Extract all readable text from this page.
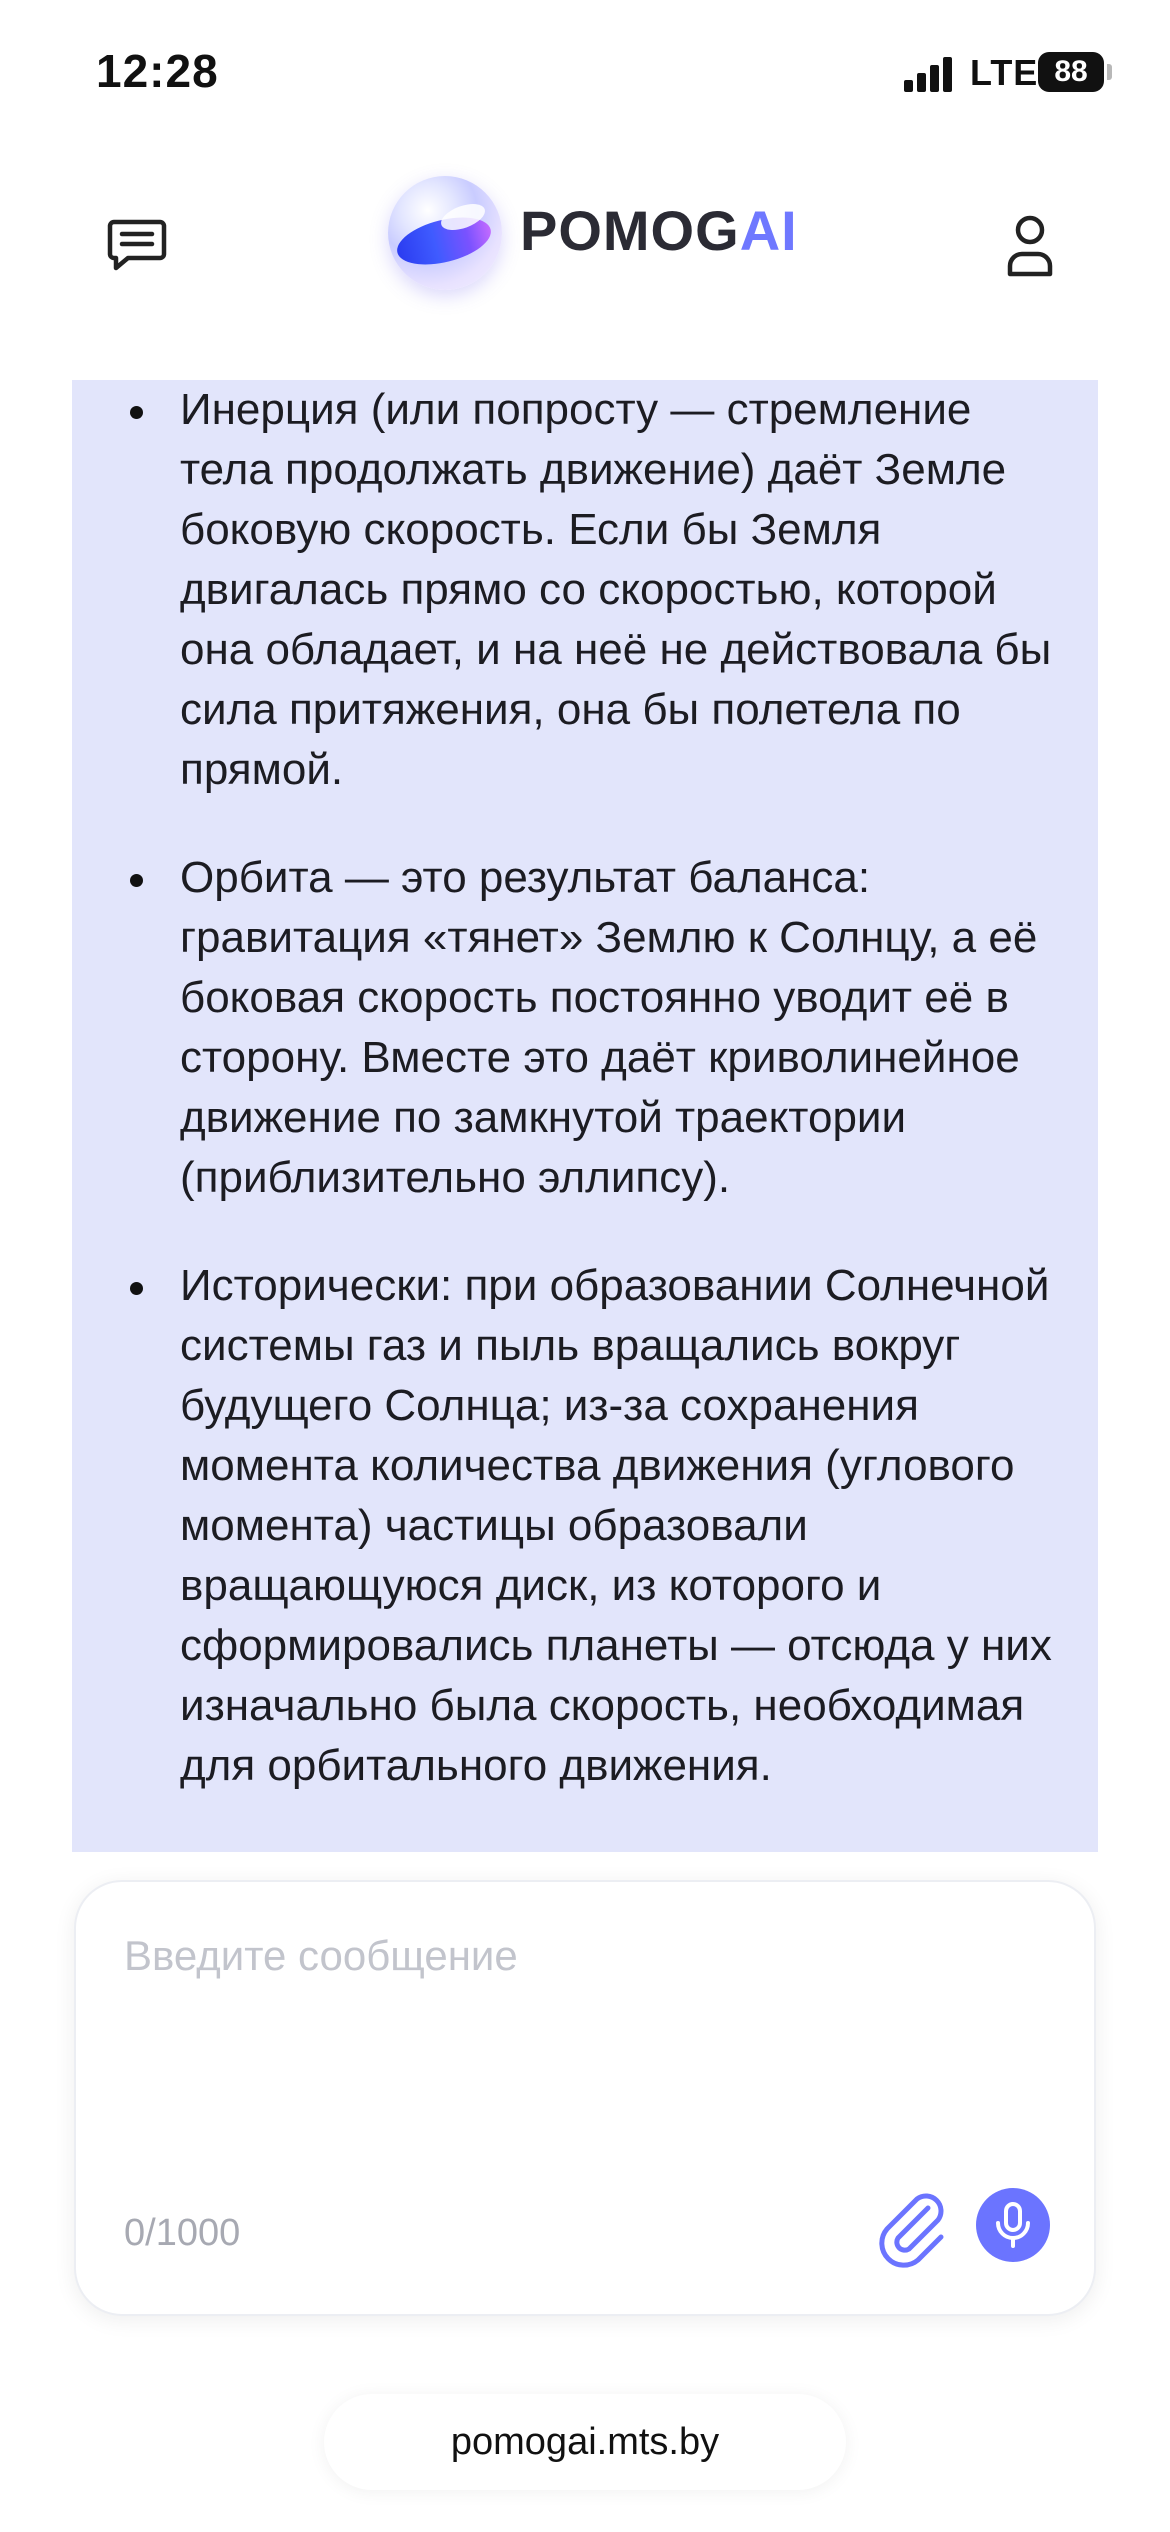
12:28	LTE 88
POMOGAI

Инерция (или попросту — стремление тела продолжать движение) даёт Земле боковую скорость. Если бы Земля двигалась прямо со скоростью, которой она обладает, и на неё не действовала бы сила притяжения, она бы полетела по прямой.

Орбита — это результат баланса: гравитация «тянет» Землю к Солнцу, а её боковая скорость постоянно уводит её в сторону. Вместе это даёт криволинейное движение по замкнутой траектории (приблизительно эллипсу).

Исторически: при образовании Солнечной системы газ и пыль вращались вокруг будущего Солнца; из-за сохранения момента количества движения (углового момента) частицы образовали вращающуюся диск, из которого и сформировались планеты — отсюда у них изначально была скорость, необходимая для орбитального движения.

Введите сообщение
0/1000
pomogai.mts.by
